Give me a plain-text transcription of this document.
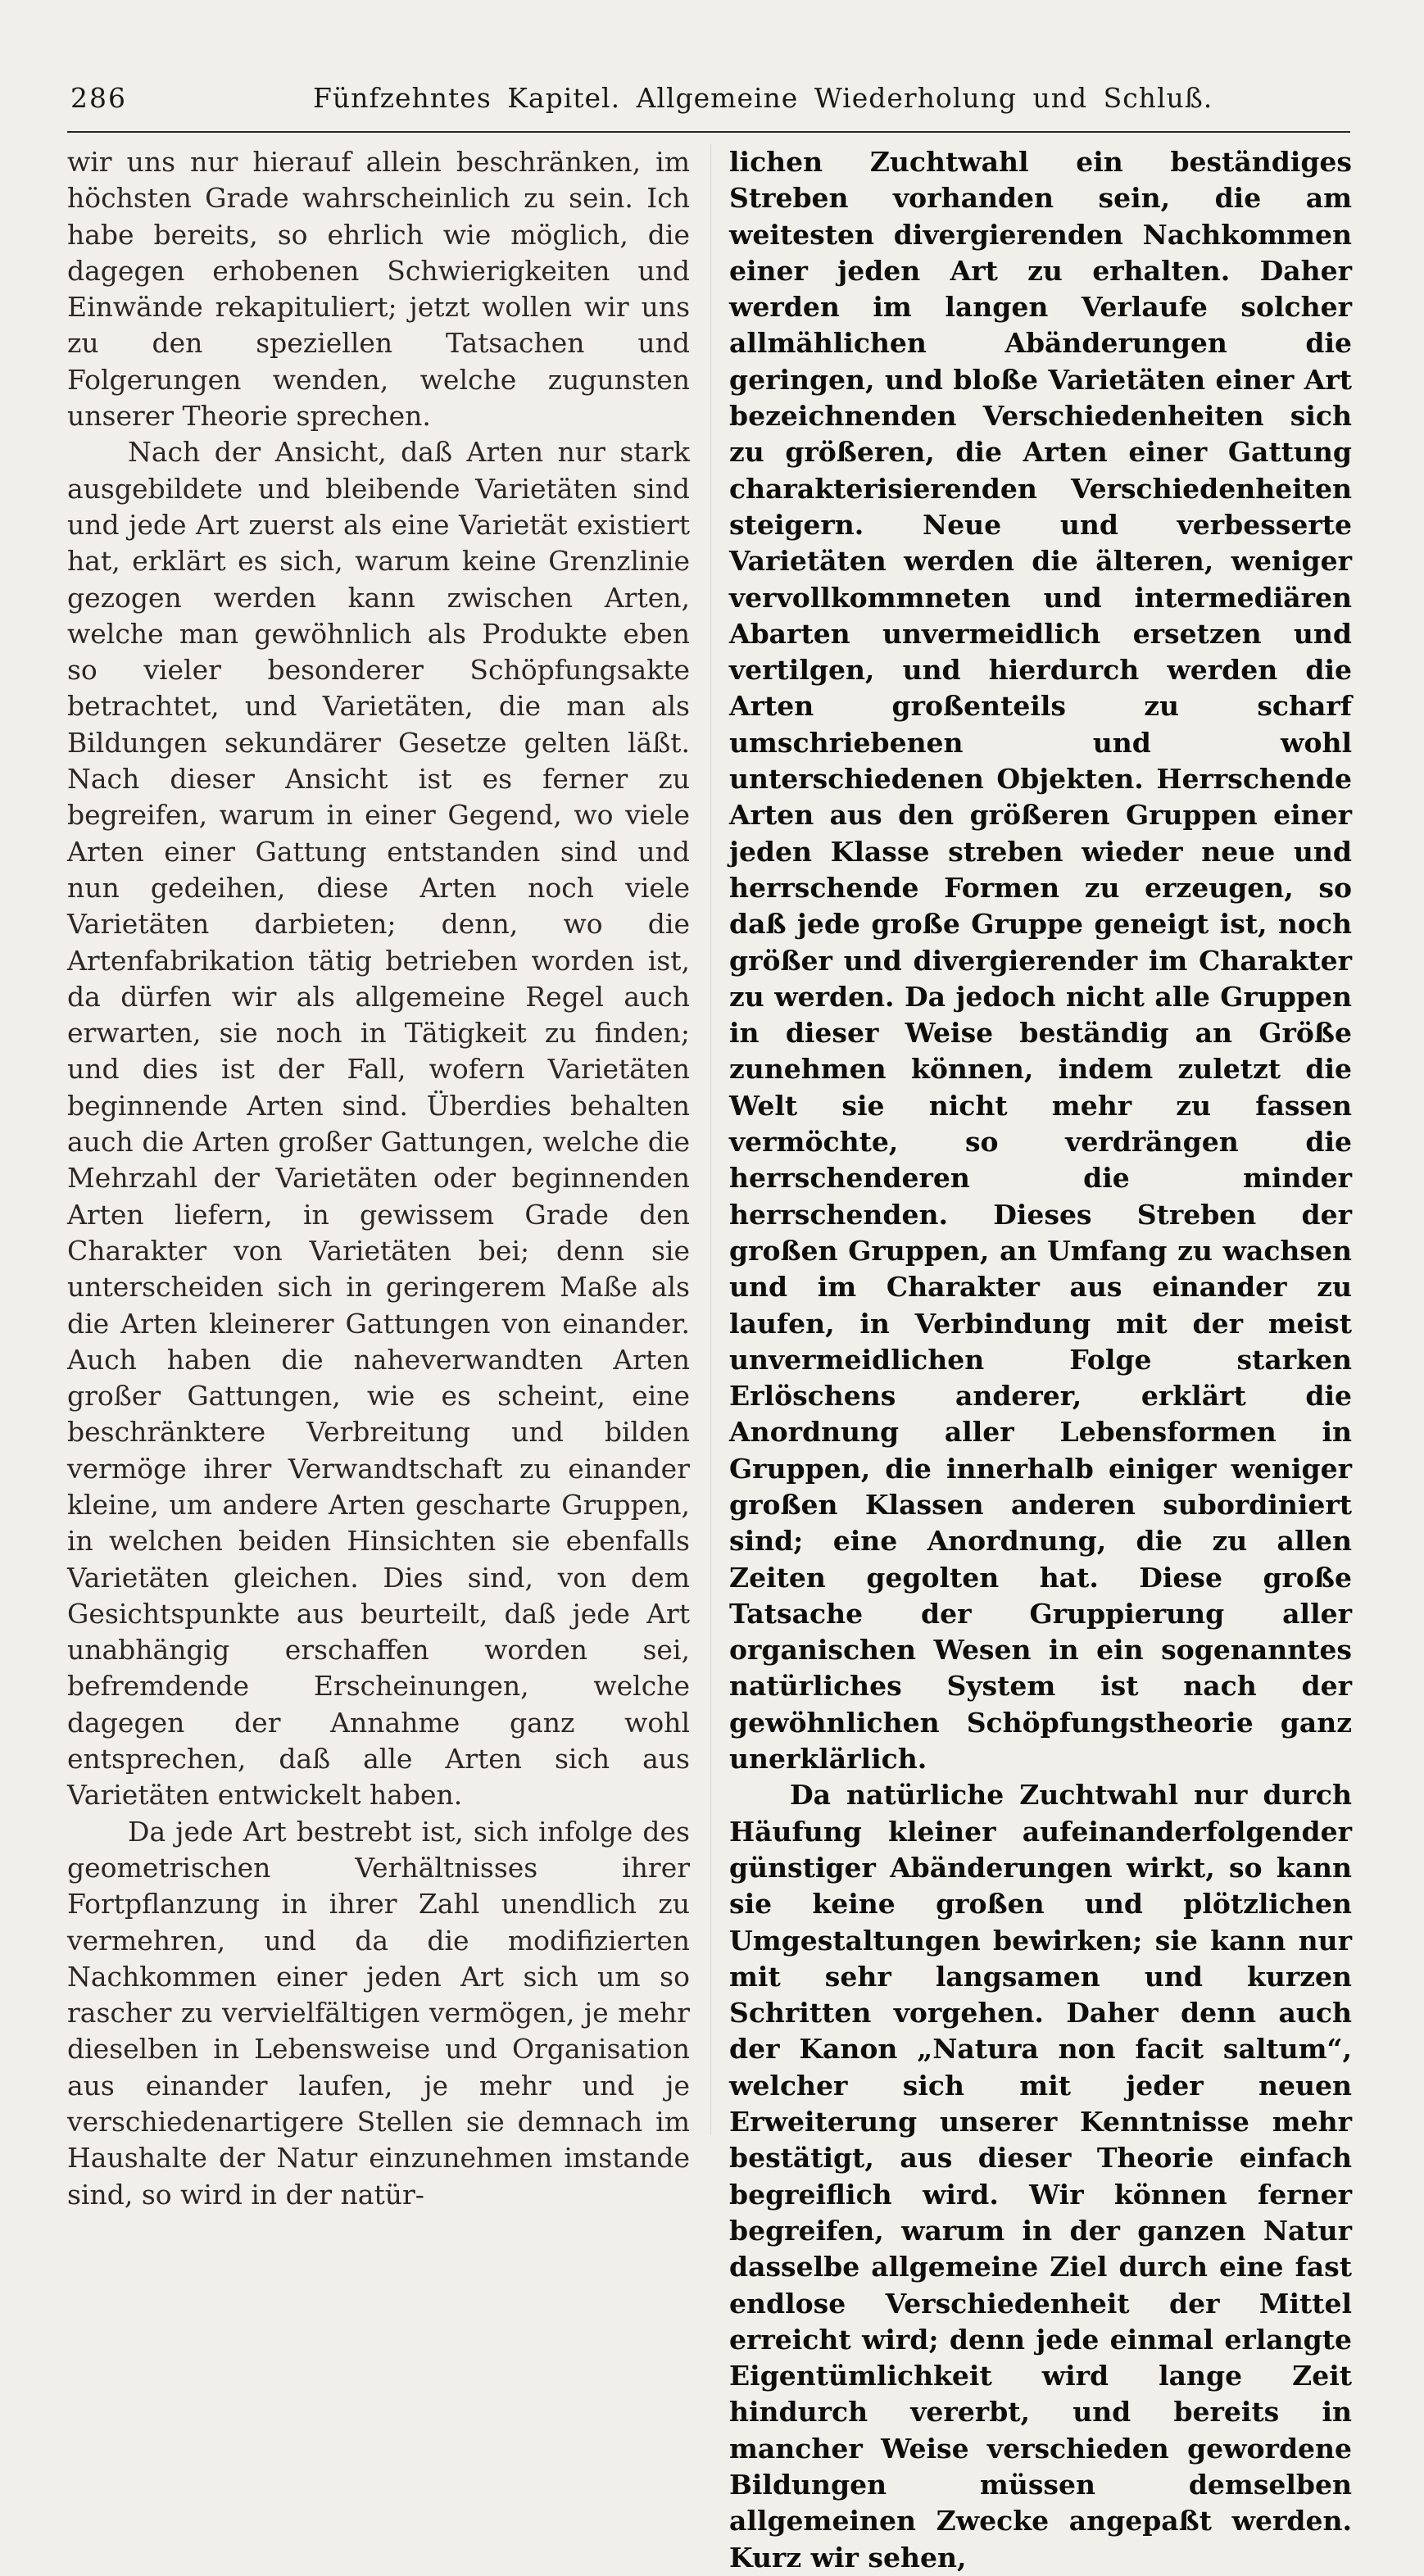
286	Fünfzehntes Kapitel. Allgemeine Wiederholung und Schluß.

wir uns nur hierauf allein beschränken, im höchsten Grade wahrscheinlich zu sein. Ich habe bereits, so ehrlich wie möglich, die dagegen erhobenen Schwierigkeiten und Einwände rekapituliert; jetzt wollen wir uns zu den speziellen Tatsachen und Folgerungen wenden, welche zugunsten unserer Theorie sprechen.

Nach der Ansicht, daß Arten nur stark ausgebildete und bleibende Varietäten sind und jede Art zuerst als eine Varietät existiert hat, erklärt es sich, warum keine Grenzlinie gezogen werden kann zwischen Arten, welche man gewöhnlich als Produkte eben so vieler besonderer Schöpfungsakte betrachtet, und Varietäten, die man als Bildungen sekundärer Gesetze gelten läßt. Nach dieser Ansicht ist es ferner zu begreifen, warum in einer Gegend, wo viele Arten einer Gattung entstanden sind und nun gedeihen, diese Arten noch viele Varietäten darbieten; denn, wo die Artenfabrikation tätig betrieben worden ist, da dürfen wir als allgemeine Regel auch erwarten, sie noch in Tätigkeit zu finden; und dies ist der Fall, wofern Varietäten beginnende Arten sind. Überdies behalten auch die Arten großer Gattungen, welche die Mehrzahl der Varietäten oder beginnenden Arten liefern, in gewissem Grade den Charakter von Varietäten bei; denn sie unterscheiden sich in geringerem Maße als die Arten kleinerer Gattungen von einander. Auch haben die naheverwandten Arten großer Gattungen, wie es scheint, eine beschränktere Verbreitung und bilden vermöge ihrer Verwandtschaft zu einander kleine, um andere Arten gescharte Gruppen, in welchen beiden Hinsichten sie ebenfalls Varietäten gleichen. Dies sind, von dem Gesichtspunkte aus beurteilt, daß jede Art unabhängig erschaffen worden sei, befremdende Erscheinungen, welche dagegen der Annahme ganz wohl entsprechen, daß alle Arten sich aus Varietäten entwickelt haben.

Da jede Art bestrebt ist, sich infolge des geometrischen Verhältnisses ihrer Fortpflanzung in ihrer Zahl unendlich zu vermehren, und da die modifizierten Nachkommen einer jeden Art sich um so rascher zu vervielfältigen vermögen, je mehr dieselben in Lebensweise und Organisation aus einander laufen, je mehr und je verschiedenartigere Stellen sie demnach im Haushalte der Natur einzunehmen imstande sind, so wird in der natür-

lichen Zuchtwahl ein beständiges Streben vorhanden sein, die am weitesten divergierenden Nachkommen einer jeden Art zu erhalten. Daher werden im langen Verlaufe solcher allmählichen Abänderungen die geringen, und bloße Varietäten einer Art bezeichnenden Verschiedenheiten sich zu größeren, die Arten einer Gattung charakterisierenden Verschiedenheiten steigern. Neue und verbesserte Varietäten werden die älteren, weniger vervollkommneten und intermediären Abarten unvermeidlich ersetzen und vertilgen, und hierdurch werden die Arten großenteils zu scharf umschriebenen und wohl unterschiedenen Objekten. Herrschende Arten aus den größeren Gruppen einer jeden Klasse streben wieder neue und herrschende Formen zu erzeugen, so daß jede große Gruppe geneigt ist, noch größer und divergierender im Charakter zu werden. Da jedoch nicht alle Gruppen in dieser Weise beständig an Größe zunehmen können, indem zuletzt die Welt sie nicht mehr zu fassen vermöchte, so verdrängen die herrschenderen die minder herrschenden. Dieses Streben der großen Gruppen, an Umfang zu wachsen und im Charakter aus einander zu laufen, in Verbindung mit der meist unvermeidlichen Folge starken Erlöschens anderer, erklärt die Anordnung aller Lebensformen in Gruppen, die innerhalb einiger weniger großen Klassen anderen subordiniert sind; eine Anordnung, die zu allen Zeiten gegolten hat. Diese große Tatsache der Gruppierung aller organischen Wesen in ein sogenanntes natürliches System ist nach der gewöhnlichen Schöpfungstheorie ganz unerklärlich.

Da natürliche Zuchtwahl nur durch Häufung kleiner aufeinanderfolgender günstiger Abänderungen wirkt, so kann sie keine großen und plötzlichen Umgestaltungen bewirken; sie kann nur mit sehr langsamen und kurzen Schritten vorgehen. Daher denn auch der Kanon „Natura non facit saltum“, welcher sich mit jeder neuen Erweiterung unserer Kenntnisse mehr bestätigt, aus dieser Theorie einfach begreiflich wird. Wir können ferner begreifen, warum in der ganzen Natur dasselbe allgemeine Ziel durch eine fast endlose Verschiedenheit der Mittel erreicht wird; denn jede einmal erlangte Eigentümlichkeit wird lange Zeit hindurch vererbt, und bereits in mancher Weise verschieden gewordene Bildungen müssen demselben allgemeinen Zwecke angepaßt werden. Kurz wir sehen,
